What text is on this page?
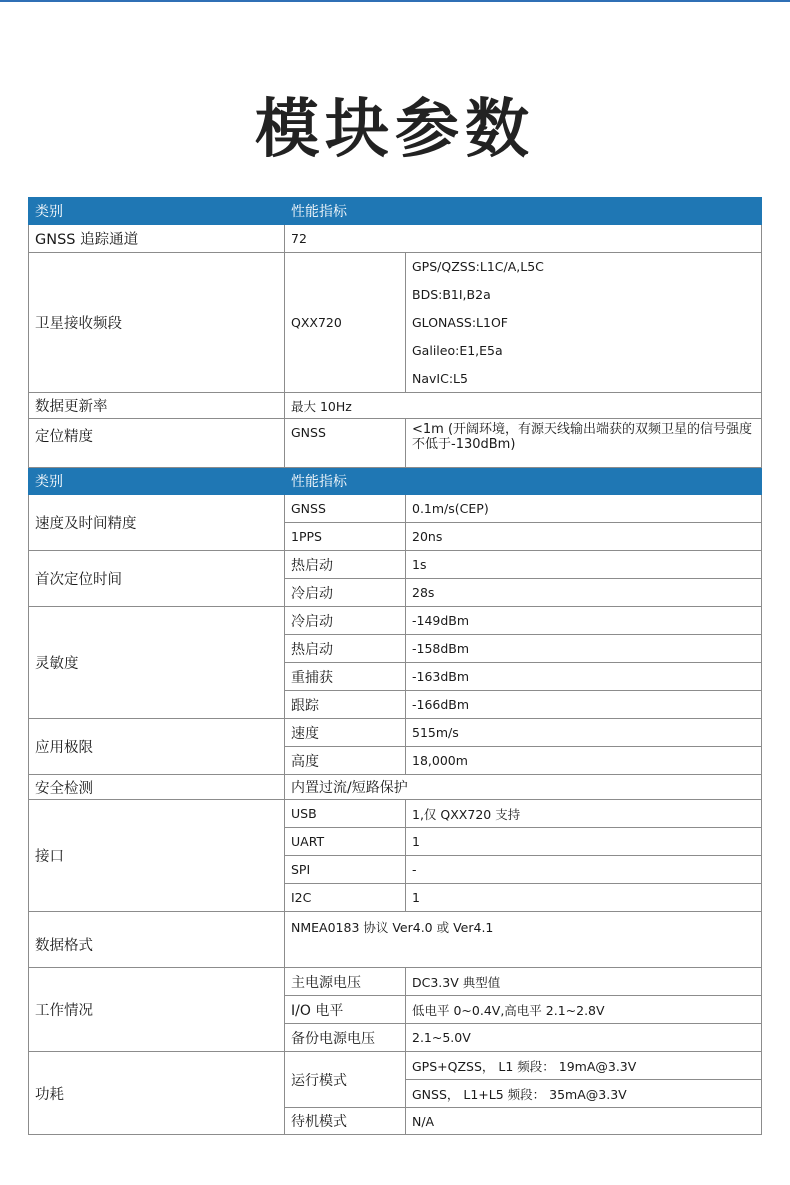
模块参数
类别	性能指标	
GNSS 追踪通道	72	
卫星接收频段	QXX720	GPS/QZSS:L1C/A,L5C
		BDS:B1I,B2a
		GLONASS:L1OF
		Galileo:E1,E5a
		NavIC:L5
数据更新率	最大 10Hz	
定位精度	GNSS	<1m (开阔环境，有源天线输出端获的双频卫星的信号强度不低于-130dBm)
类别	性能指标	
速度及时间精度	GNSS	0.1m/s(CEP)
	1PPS	20ns
首次定位时间	热启动	1s
	冷启动	28s
灵敏度	冷启动	-149dBm
	热启动	-158dBm
	重捕获	-163dBm
	跟踪	-166dBm
应用极限	速度	515m/s
	高度	18,000m
安全检测	内置过流/短路保护	
接口	USB	1,仅 QXX720 支持
	UART	1
	SPI	-
	I2C	1
数据格式	NMEA0183 协议 Ver4.0 或 Ver4.1	
工作情况	主电源电压	DC3.3V 典型值
	I/O 电平	低电平 0~0.4V,高电平 2.1~2.8V
	备份电源电压	2.1~5.0V
功耗	运行模式	GPS+QZSS， L1 频段： 19mA@3.3V
		GNSS， L1+L5 频段： 35mA@3.3V
	待机模式	N/A
